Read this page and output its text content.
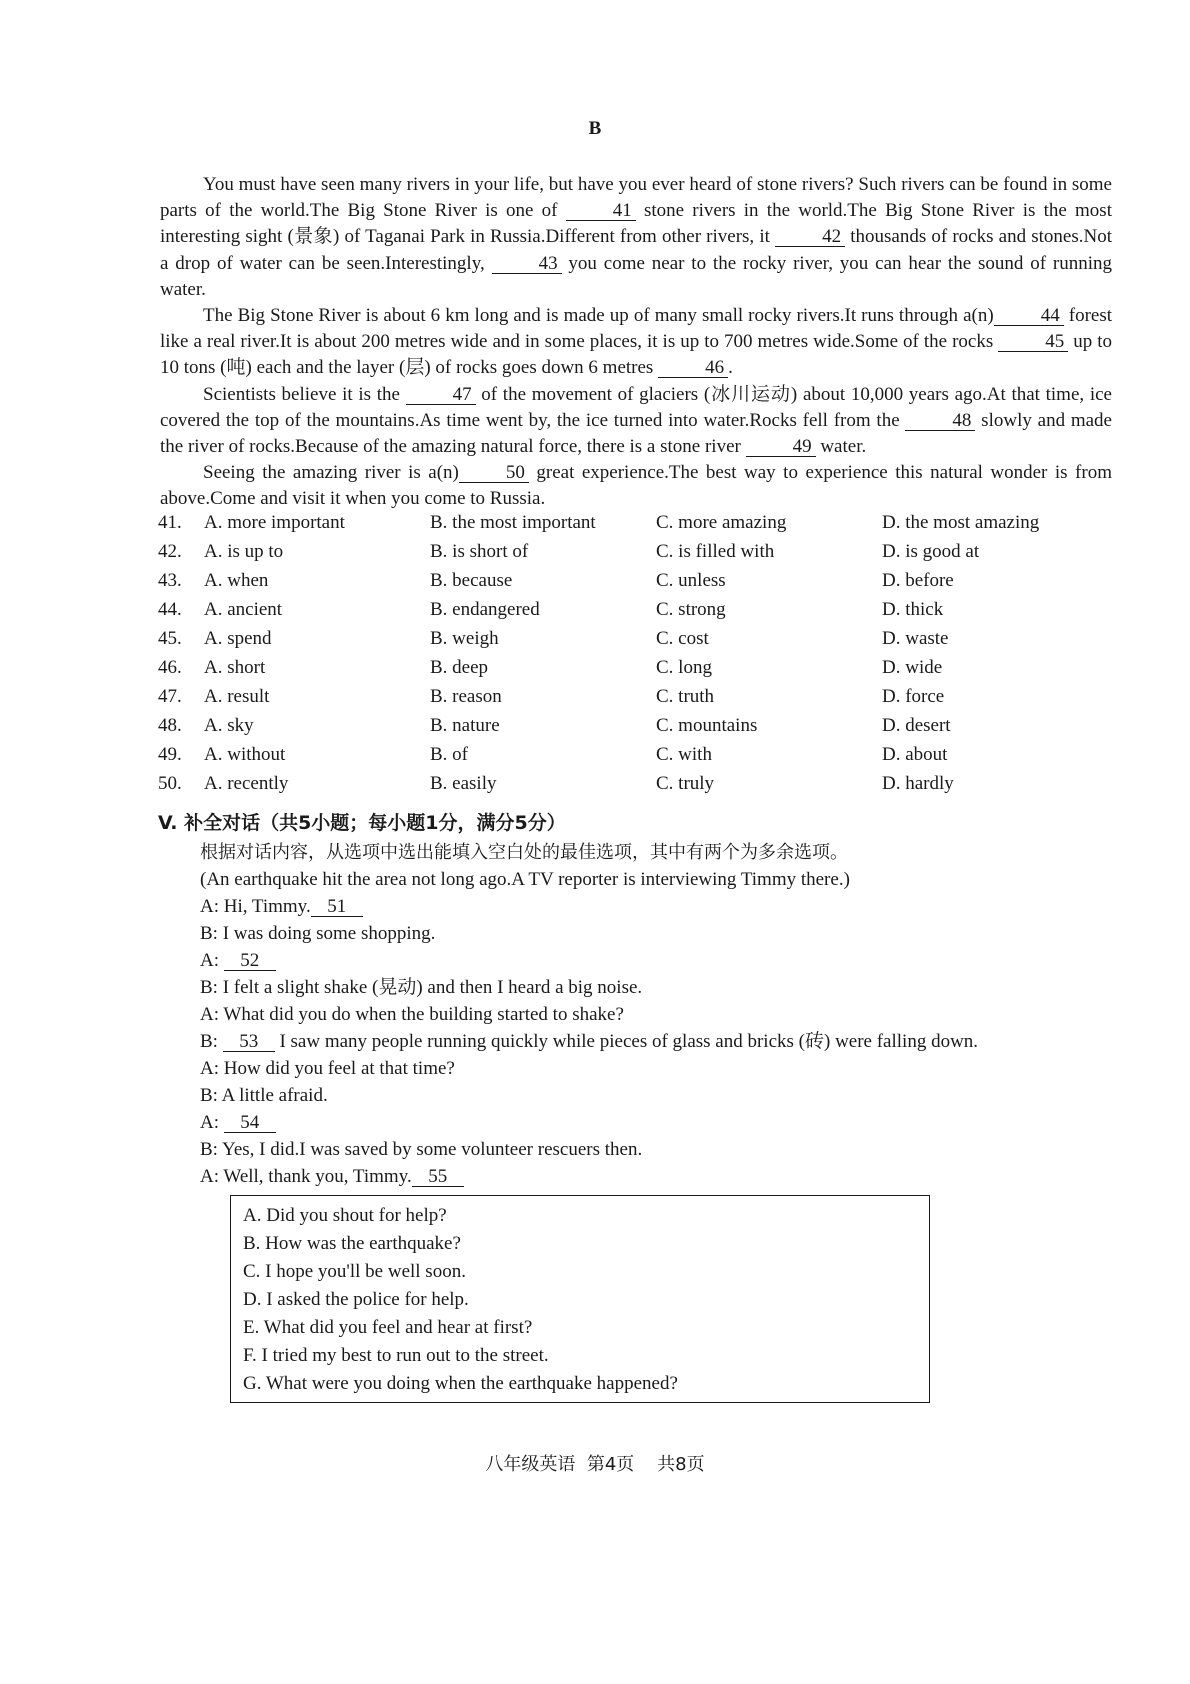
B

You must have seen many rivers in your life, but have you ever heard of stone rivers? Such rivers can be found in some parts of the world.The Big Stone River is one of 41 stone rivers in the world.The Big Stone River is the most interesting sight (景象) of Taganai Park in Russia.Different from other rivers, it 42 thousands of rocks and stones.Not a drop of water can be seen.Interestingly, 43 you come near to the rocky river, you can hear the sound of running water.

The Big Stone River is about 6 km long and is made up of many small rocky rivers.It runs through a(n) 44 forest like a real river.It is about 200 metres wide and in some places, it is up to 700 metres wide.Some of the rocks 45 up to 10 tons (吨) each and the layer (层) of rocks goes down 6 metres 46 .

Scientists believe it is the 47 of the movement of glaciers (冰川运动) about 10,000 years ago.At that time, ice covered the top of the mountains.As time went by, the ice turned into water.Rocks fell from the 48 slowly and made the river of rocks.Because of the amazing natural force, there is a stone river 49 water.

Seeing the amazing river is a(n) 50 great experience.The best way to experience this natural wonder is from above.Come and visit it when you come to Russia.

41. A. more important	B. the most important	C. more amazing	D. the most amazing
42. A. is up to	B. is short of	C. is filled with	D. is good at
43. A. when	B. because	C. unless	D. before
44. A. ancient	B. endangered	C. strong	D. thick
45. A. spend	B. weigh	C. cost	D. waste
46. A. short	B. deep	C. long	D. wide
47. A. result	B. reason	C. truth	D. force
48. A. sky	B. nature	C. mountains	D. desert
49. A. without	B. of	C. with	D. about
50. A. recently	B. easily	C. truly	D. hardly
V. 补全对话（共5小题；每小题1分，满分5分）
根据对话内容，从选项中选出能填入空白处的最佳选项，其中有两个为多余选项。
(An earthquake hit the area not long ago.A TV reporter is interviewing Timmy there.)
A: Hi, Timmy. 51
B: I was doing some shopping.
A: 52
B: I felt a slight shake (晃动) and then I heard a big noise.
A: What did you do when the building started to shake?
B: 53 I saw many people running quickly while pieces of glass and bricks (砖) were falling down.
A: How did you feel at that time?
B: A little afraid.
A: 54
B: Yes, I did.I was saved by some volunteer rescuers then.
A: Well, thank you, Timmy. 55
A. Did you shout for help?
B. How was the earthquake?
C. I hope you'll be well soon.
D. I asked the police for help.
E. What did you feel and hear at first?
F. I tried my best to run out to the street.
G. What were you doing when the earthquake happened?
八年级英语  第4页    共8页
